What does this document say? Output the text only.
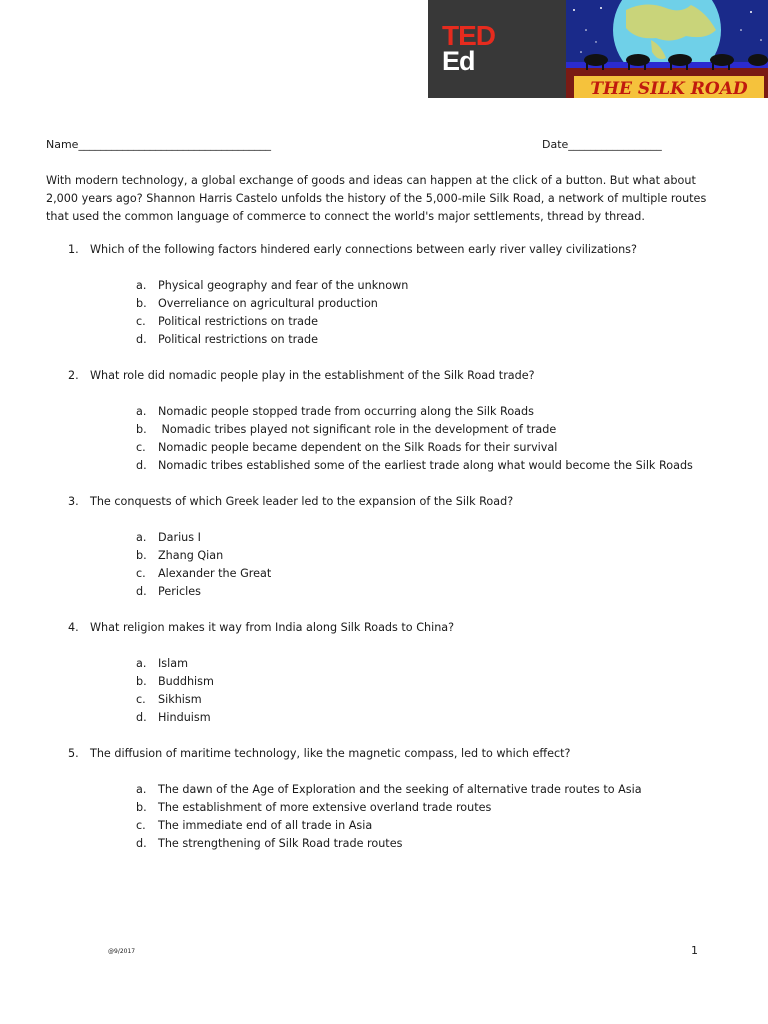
TED
Ed
THE SILK ROAD
Name___________________________________	Date_________________

With modern technology, a global exchange of goods and ideas can happen at the click of a button. But what about 2,000 years ago? Shannon Harris Castelo unfolds the history of the 5,000-mile Silk Road, a network of multiple routes that used the common language of commerce to connect the world's major settlements, thread by thread.

1. Which of the following factors hindered early connections between early river valley civilizations?
a. Physical geography and fear of the unknown
b. Overreliance on agricultural production
c. Political restrictions on trade
d. Political restrictions on trade
2. What role did nomadic people play in the establishment of the Silk Road trade?
a. Nomadic people stopped trade from occurring along the Silk Roads
b. Nomadic tribes played not significant role in the development of trade
c. Nomadic people became dependent on the Silk Roads for their survival
d. Nomadic tribes established some of the earliest trade along what would become the Silk Roads
3. The conquests of which Greek leader led to the expansion of the Silk Road?
a. Darius I
b. Zhang Qian
c. Alexander the Great
d. Pericles
4. What religion makes it way from India along Silk Roads to China?
a. Islam
b. Buddhism
c. Sikhism
d. Hinduism
5. The diffusion of maritime technology, like the magnetic compass, led to which effect?
a. The dawn of the Age of Exploration and the seeking of alternative trade routes to Asia
b. The establishment of more extensive overland trade routes
c. The immediate end of all trade in Asia
d. The strengthening of Silk Road trade routes
@9/2017	1
